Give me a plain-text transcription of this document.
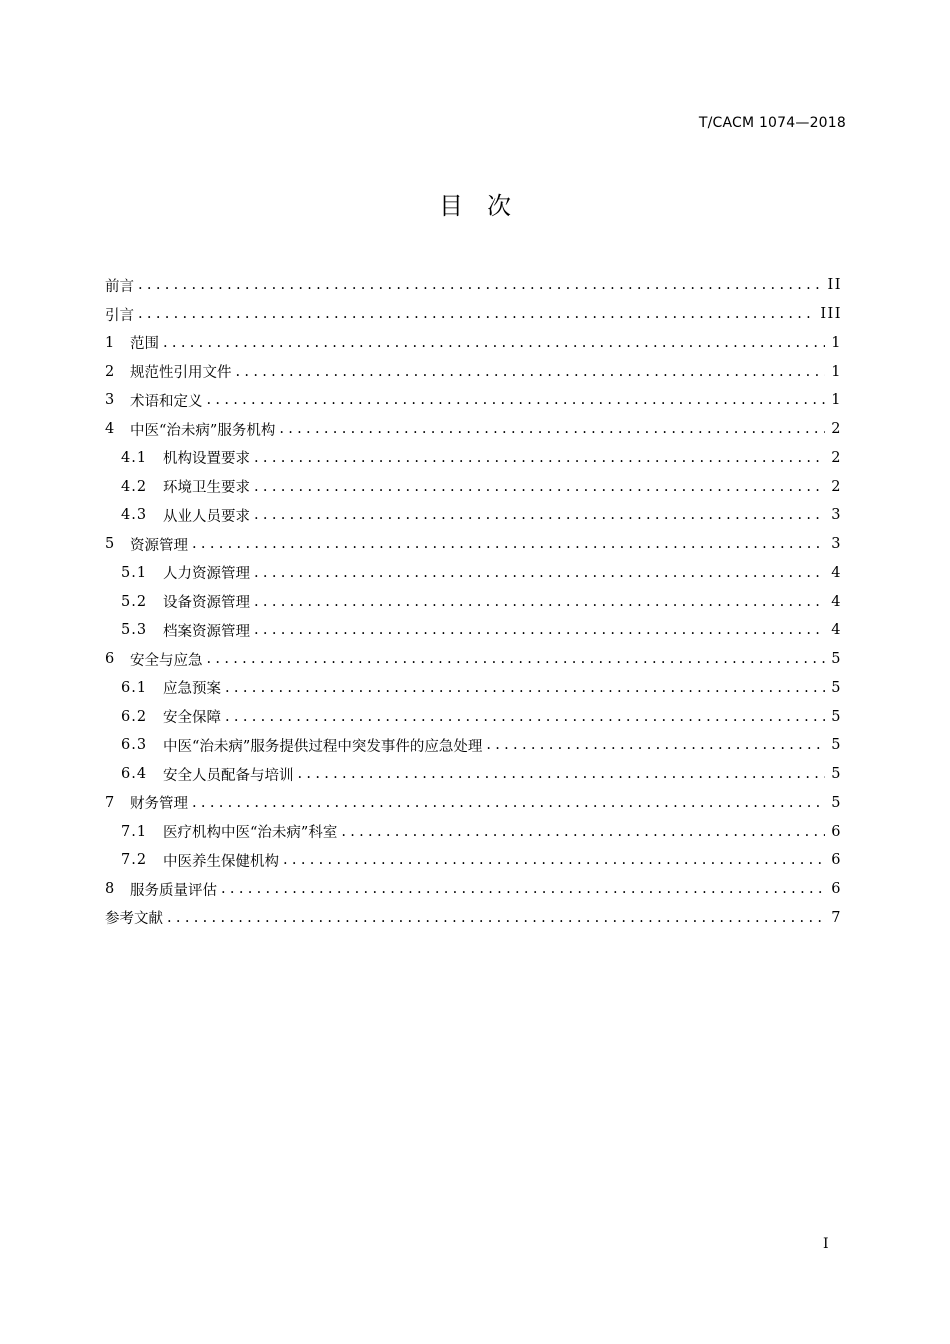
T/CACM 1074—2018
目次
前言 .....	II
引言 .....	III
1	范围 .....	1
2	规范性引用文件 .....	1
3	术语和定义 .....	1
4	中医“治未病”服务机构 .....	2
4.1	机构设置要求 .....	2
4.2	环境卫生要求 .....	2
4.3	从业人员要求 .....	3
5	资源管理 .....	3
5.1	人力资源管理 .....	4
5.2	设备资源管理 .....	4
5.3	档案资源管理 .....	4
6	安全与应急 .....	5
6.1	应急预案 .....	5
6.2	安全保障 .....	5
6.3	中医“治未病”服务提供过程中突发事件的应急处理 .....	5
6.4	安全人员配备与培训 .....	5
7	财务管理 .....	5
7.1	医疗机构中医“治未病”科室 .....	6
7.2	中医养生保健机构 .....	6
8	服务质量评估 .....	6
参考文献 .....	7
I
